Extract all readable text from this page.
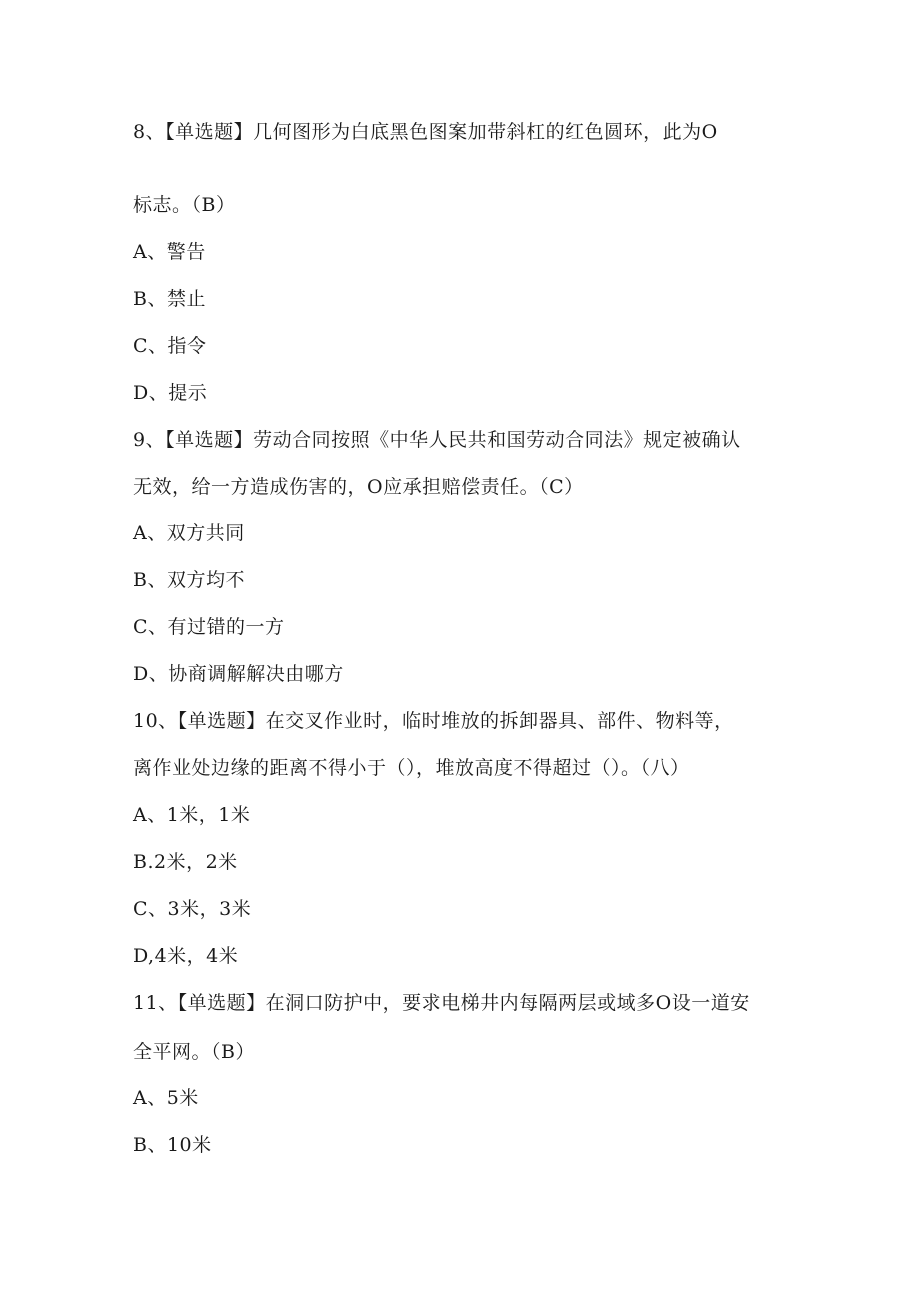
8、【单选题】几何图形为白底黑色图案加带斜杠的红色圆环，此为O
标志。（B）
A、警告
B、禁止
C、指令
D、提示
9、【单选题】劳动合同按照《中华人民共和国劳动合同法》规定被确认
无效，给一方造成伤害的，O应承担赔偿责任。（C）
A、双方共同
B、双方均不
C、有过错的一方
D、协商调解解决由哪方
10、【单选题】在交叉作业时，临时堆放的拆卸器具、部件、物料等，
离作业处边缘的距离不得小于（），堆放高度不得超过（）。（八）
A、1米，1米
B.2米，2米
C、3米，3米
D,4米，4米
11、【单选题】在洞口防护中，要求电梯井内每隔两层或域多O设一道安
全平网。（B）
A、5米
B、10米
